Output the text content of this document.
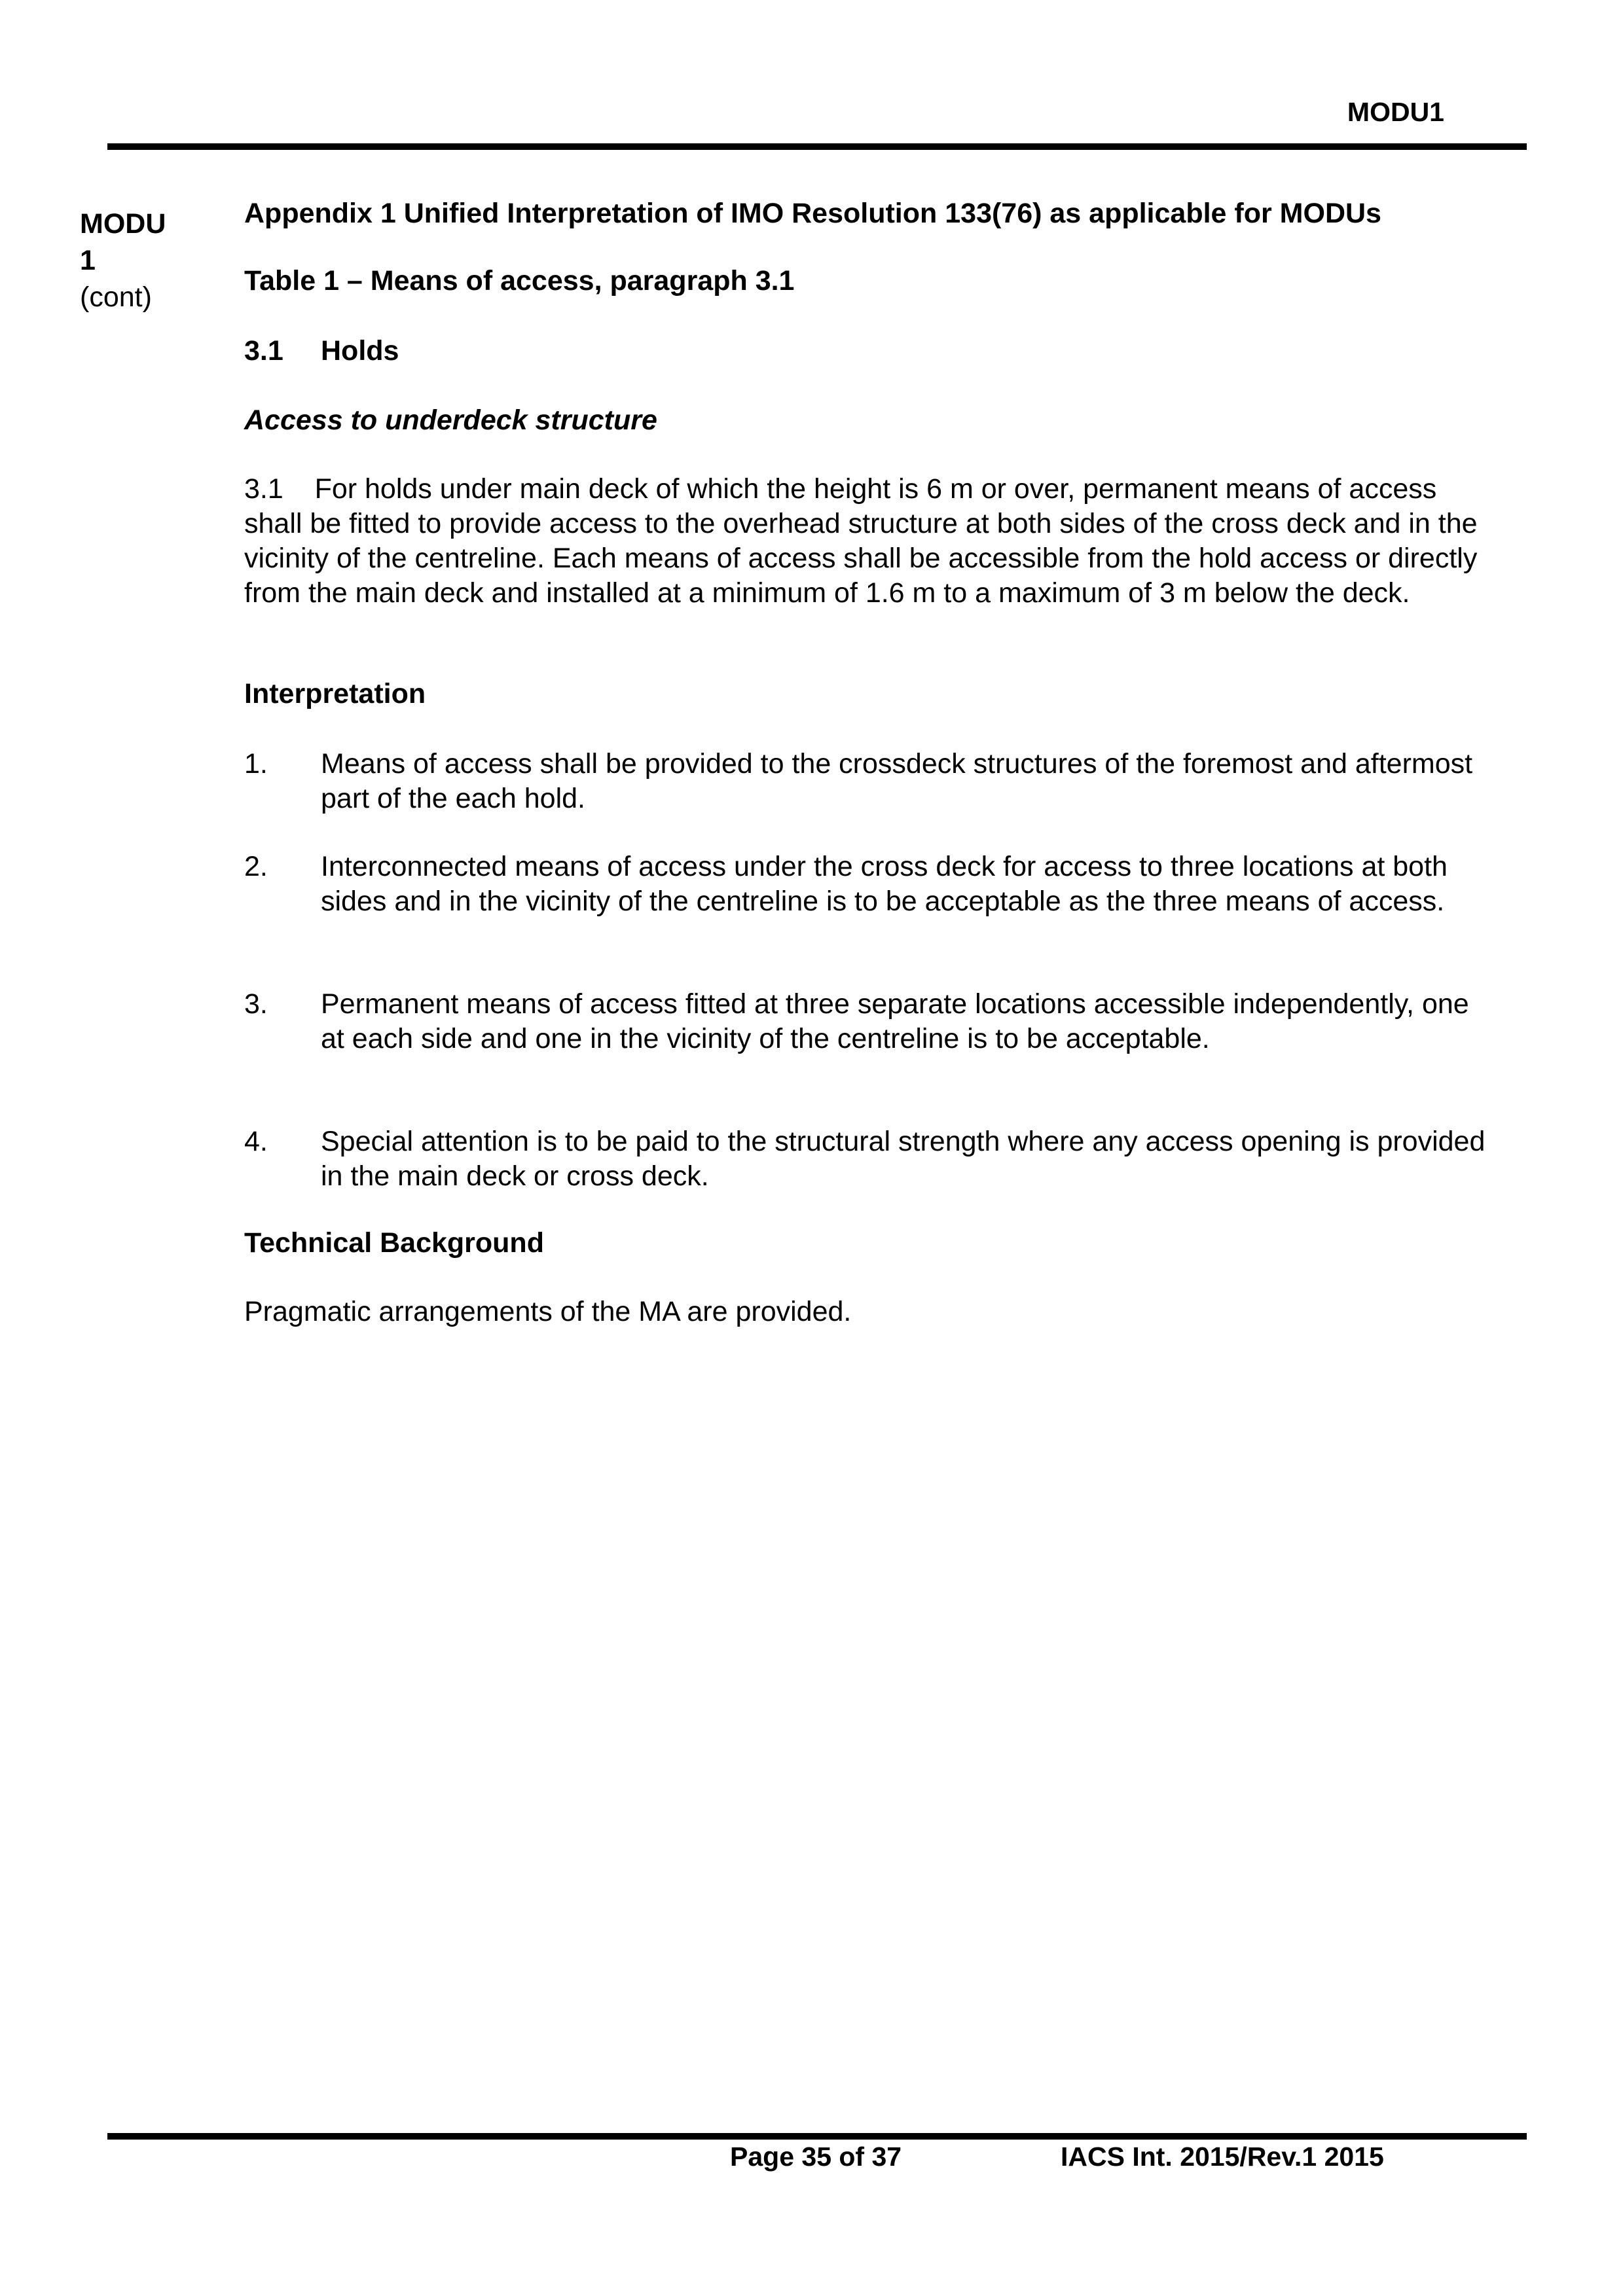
MODU1
MODU
1
(cont)
Appendix 1 Unified Interpretation of IMO Resolution 133(76) as applicable for MODUs
Table 1 – Means of access, paragraph 3.1
3.1 Holds
Access to underdeck structure
3.1    For holds under main deck of which the height is 6 m or over, permanent means of access shall be fitted to provide access to the overhead structure at both sides of the cross deck and in the vicinity of the centreline. Each means of access shall be accessible from the hold access or directly from the main deck and installed at a minimum of 1.6 m to a maximum of 3 m below the deck.
Interpretation
1. Means of access shall be provided to the crossdeck structures of the foremost and aftermost part of the each hold.
2. Interconnected means of access under the cross deck for access to three locations at both sides and in the vicinity of the centreline is to be acceptable as the three means of access.
3. Permanent means of access fitted at three separate locations accessible independently, one at each side and one in the vicinity of the centreline is to be acceptable.
4. Special attention is to be paid to the structural strength where any access opening is provided in the main deck or cross deck.
Technical Background
Pragmatic arrangements of the MA are provided.
Page 35 of 37	IACS Int. 2015/Rev.1 2015
